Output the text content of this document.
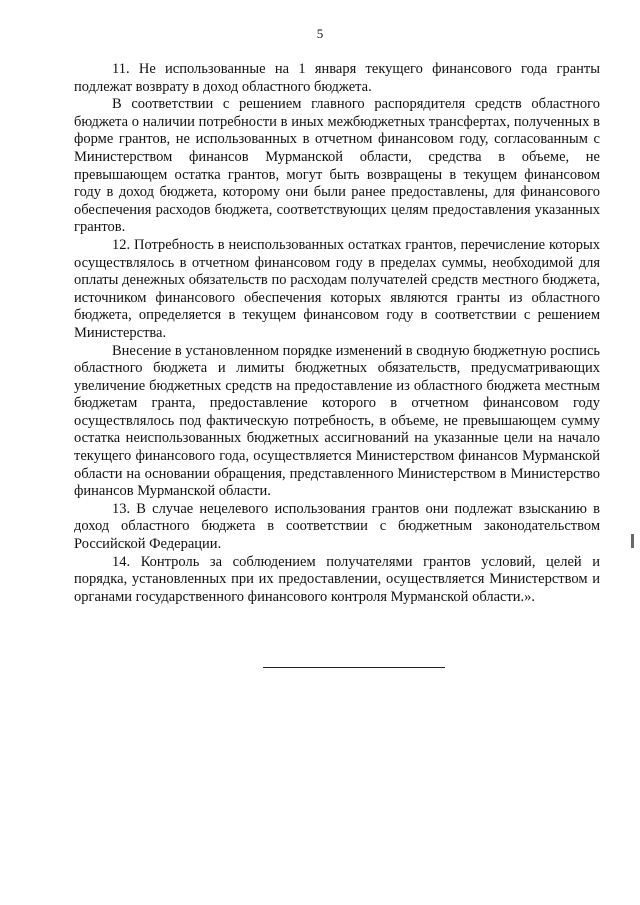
5

11. Не использованные на 1 января текущего финансового года гранты подлежат возврату в доход областного бюджета.

В соответствии с решением главного распорядителя средств областного бюджета о наличии потребности в иных межбюджетных трансфертах, полученных в форме грантов, не использованных в отчетном финансовом году, согласованным с Министерством финансов Мурманской области, средства в объеме, не превышающем остатка грантов, могут быть возвращены в текущем финансовом году в доход бюджета, которому они были ранее предоставлены, для финансового обеспечения расходов бюджета, соответствующих целям предоставления указанных грантов.

12. Потребность в неиспользованных остатках грантов, перечисление которых осуществлялось в отчетном финансовом году в пределах суммы, необходимой для оплаты денежных обязательств по расходам получателей средств местного бюджета, источником финансового обеспечения которых являются гранты из областного бюджета, определяется в текущем финансовом году в соответствии с решением Министерства.

Внесение в установленном порядке изменений в сводную бюджетную роспись областного бюджета и лимиты бюджетных обязательств, предусматривающих увеличение бюджетных средств на предоставление из областного бюджета местным бюджетам гранта, предоставление которого в отчетном финансовом году осуществлялось под фактическую потребность, в объеме, не превышающем сумму остатка неиспользованных бюджетных ассигнований на указанные цели на начало текущего финансового года, осуществляется Министерством финансов Мурманской области на основании обращения, представленного Министерством в Министерство финансов Мурманской области.

13. В случае нецелевого использования грантов они подлежат взысканию в доход областного бюджета в соответствии с бюджетным законодательством Российской Федерации.

14. Контроль за соблюдением получателями грантов условий, целей и порядка, установленных при их предоставлении, осуществляется Министерством и органами государственного финансового контроля Мурманской области.».
